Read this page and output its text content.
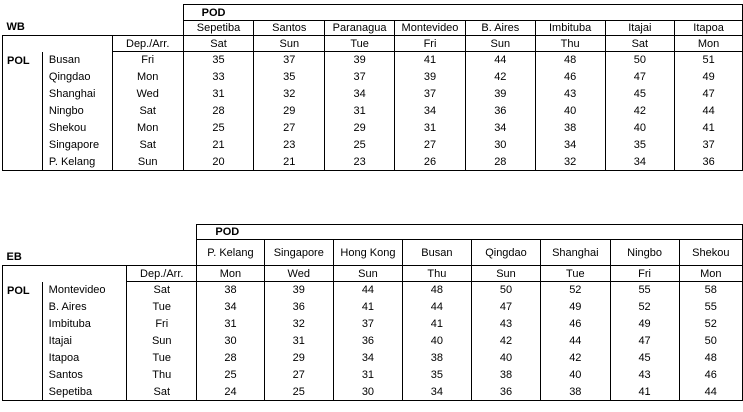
WB			POD							
			Sepetiba	Santos	Paranagua	Montevideo	B. Aires	Imbituba	Itajai	Itapoa
		Dep./Arr.	Sat	Sun	Tue	Fri	Sun	Thu	Sat	Mon
POL	Busan	Fri	35	37	39	41	44	48	50	51
	Qingdao	Mon	33	35	37	39	42	46	47	49
	Shanghai	Wed	31	32	34	37	39	43	45	47
	Ningbo	Sat	28	29	31	34	36	40	42	44
	Shekou	Mon	25	27	29	31	34	38	40	41
	Singapore	Sat	21	23	25	27	30	34	35	37
	P. Kelang	Sun	20	21	23	26	28	32	34	36
EB			POD							
			P. Kelang	Singapore	Hong Kong	Busan	Qingdao	Shanghai	Ningbo	Shekou
		Dep./Arr.	Mon	Wed	Sun	Thu	Sun	Tue	Fri	Mon
POL	Montevideo	Sat	38	39	44	48	50	52	55	58
	B. Aires	Tue	34	36	41	44	47	49	52	55
	Imbituba	Fri	31	32	37	41	43	46	49	52
	Itajai	Sun	30	31	36	40	42	44	47	50
	Itapoa	Tue	28	29	34	38	40	42	45	48
	Santos	Thu	25	27	31	35	38	40	43	46
	Sepetiba	Sat	24	25	30	34	36	38	41	44
